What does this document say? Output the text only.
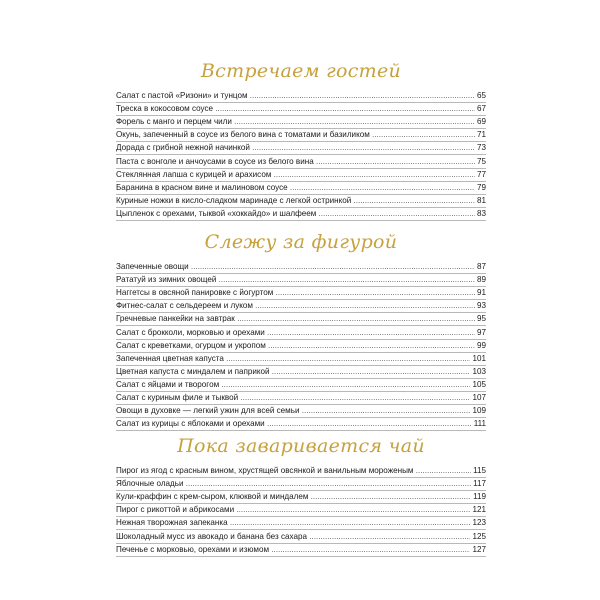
Встречаем гостей
Салат с пастой «Ризони» и тунцом .....	65
Треска в кокосовом соусе .....	67
Форель с манго и перцем чили .....	69
Окунь, запеченный в соусе из белого вина с томатами и базиликом .....	71
Дорада с грибной нежной начинкой .....	73
Паста с вонголе и анчоусами в соусе из белого вина .....	75
Стеклянная лапша с курицей и арахисом .....	77
Баранина в красном вине и малиновом соусе .....	79
Куриные ножки в кисло-сладком маринаде с легкой остринкой .....	81
Цыпленок с орехами, тыквой «хоккайдо» и шалфеем .....	83
Слежу за фигурой
Запеченные овощи .....	87
Рататуй из зимних овощей .....	89
Наггетсы в овсяной панировке с йогуртом .....	91
Фитнес-салат с сельдереем и луком .....	93
Гречневые панкейки на завтрак .....	95
Салат с брокколи, морковью и орехами .....	97
Салат с креветками, огурцом и укропом .....	99
Запеченная цветная капуста .....	101
Цветная капуста с миндалем и паприкой .....	103
Салат с яйцами и творогом .....	105
Салат с куриным филе и тыквой .....	107
Овощи в духовке — легкий ужин для всей семьи .....	109
Салат из курицы с яблоками и орехами .....	111
Пока заваривается чай
Пирог из ягод с красным вином, хрустящей овсянкой и ванильным мороженым .....	115
Яблочные оладьи .....	117
Кули-краффин с крем-сыром, клюквой и миндалем .....	119
Пирог с рикоттой и абрикосами .....	121
Нежная творожная запеканка .....	123
Шоколадный мусс из авокадо и банана без сахара .....	125
Печенье с морковью, орехами и изюмом .....	127
